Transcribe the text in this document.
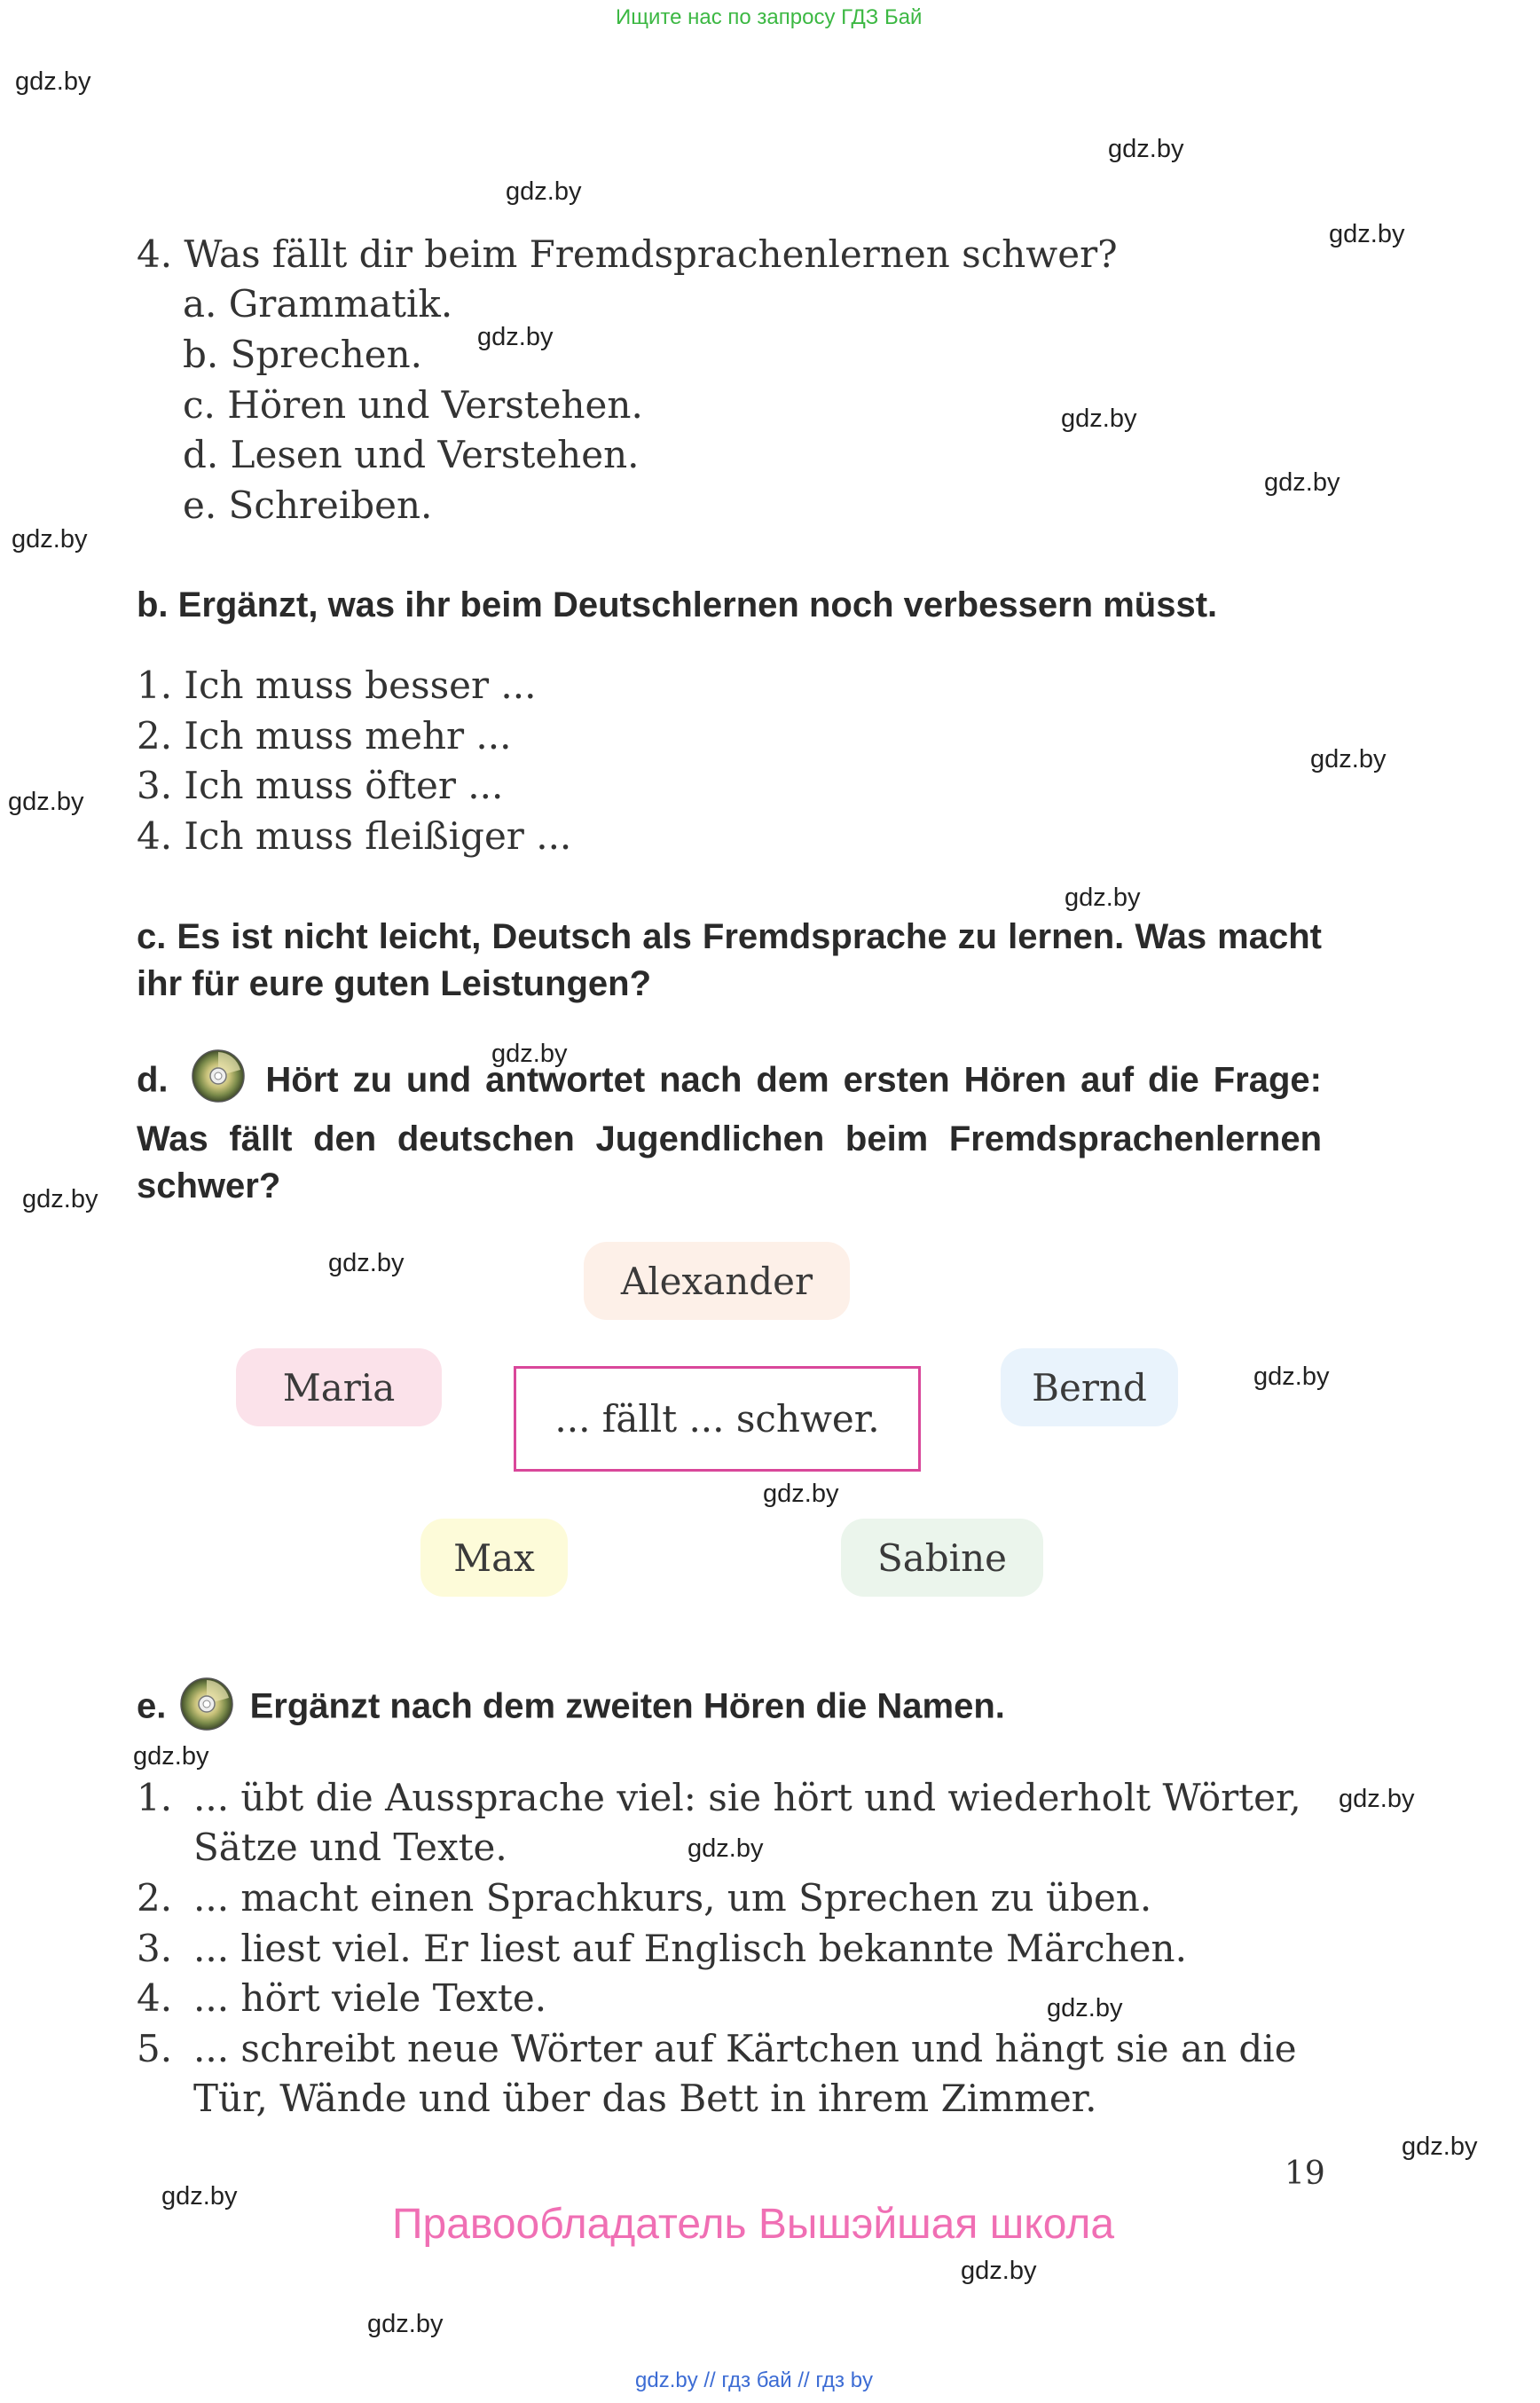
Ищите нас по запросу ГДЗ Бай
gdz.by
gdz.by
gdz.by
gdz.by
gdz.by
gdz.by
gdz.by
gdz.by
gdz.by
gdz.by
gdz.by
gdz.by
gdz.by
gdz.by
gdz.by
gdz.by
gdz.by
gdz.by
gdz.by
gdz.by
gdz.by
gdz.by
gdz.by
gdz.by
4. Was fällt dir beim Fremdsprachenlernen schwer?
a. Grammatik.
b. Sprechen.
c. Hören und Verstehen.
d. Lesen und Verstehen.
e. Schreiben.
b. Ergänzt, was ihr beim Deutschlernen noch verbessern müsst.
1. Ich muss besser ...
2. Ich muss mehr ...
3. Ich muss öfter ...
4. Ich muss fleißiger ...
c. Es ist nicht leicht, Deutsch als Fremdsprache zu lernen. Was macht ihr für eure guten Leistungen?
d.	Hört zu und antwortet nach dem ersten Hören auf die Frage: Was fällt den deutschen Jugendlichen beim Fremdsprachenlernen schwer?
Alexander
Maria
... fällt ... schwer.
Bernd
Max	Sabine
e. Ergänzt nach dem zweiten Hören die Namen.
1. ... übt die Aussprache viel: sie hört und wiederholt Wörter,
Sätze und Texte.
2. ... macht einen Sprachkurs, um Sprechen zu üben.
3. ... liest viel. Er liest auf Englisch bekannte Märchen.
4. ... hört viele Texte.
5. ... schreibt neue Wörter auf Kärtchen und hängt sie an die
Tür, Wände und über das Bett in ihrem Zimmer.
19
Правообладатель Вышэйшая школа
gdz.by // гдз бай // гдз by
